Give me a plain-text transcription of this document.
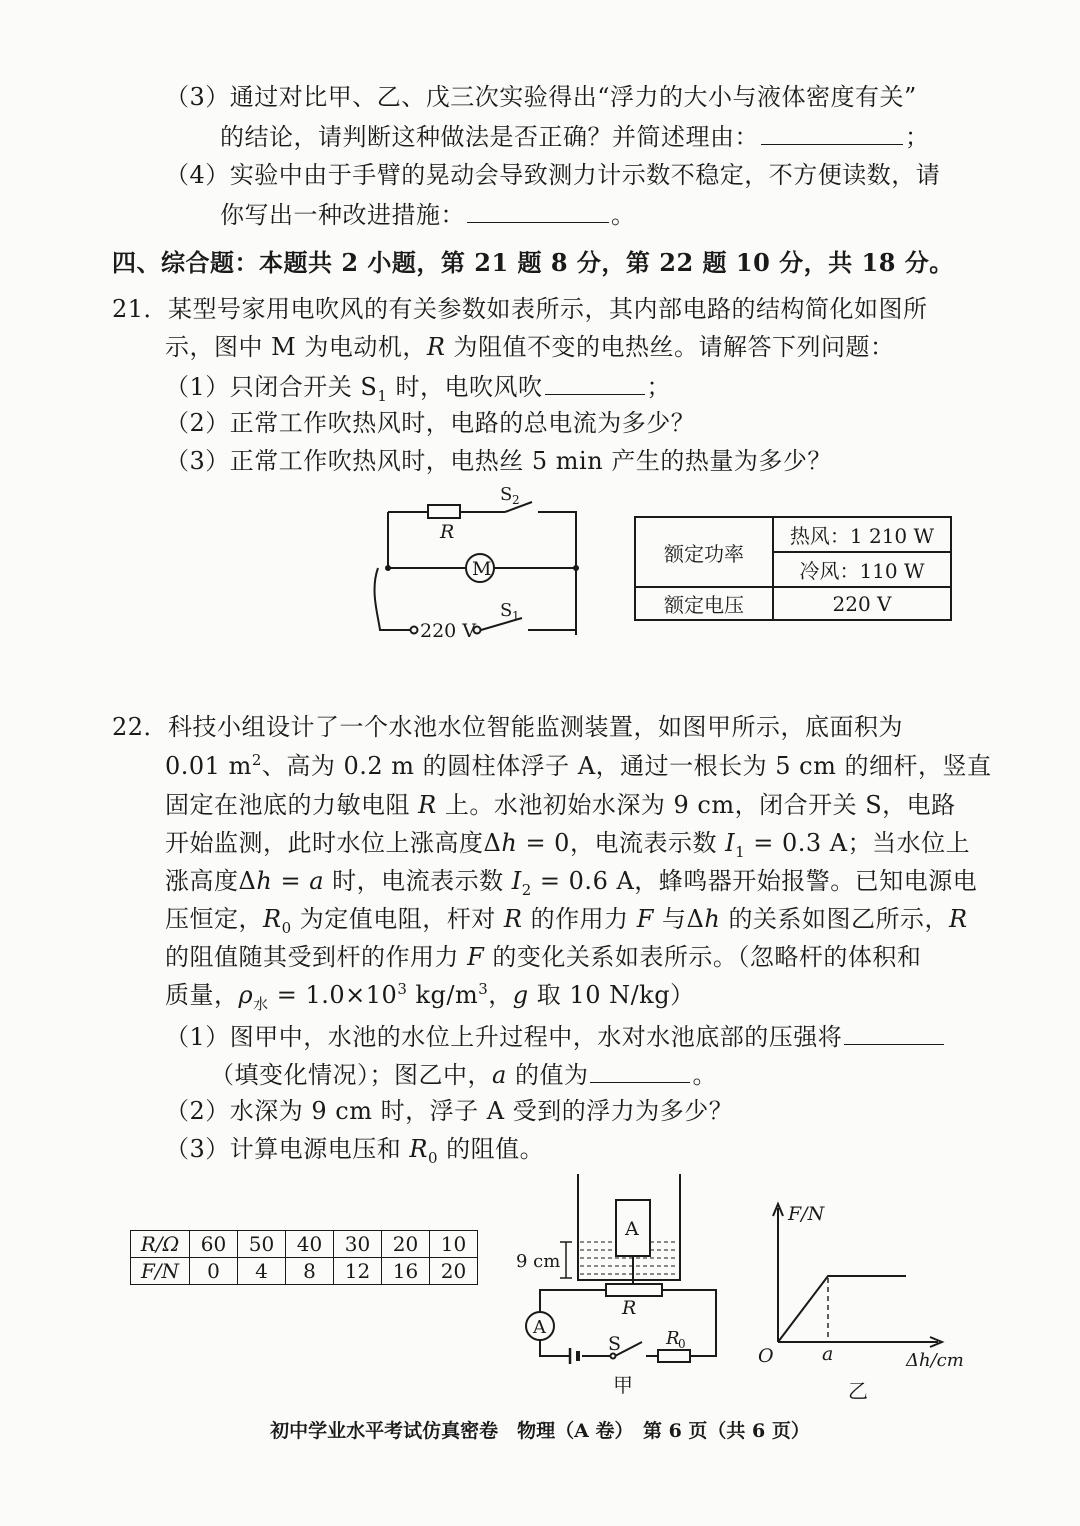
（3）通过对比甲、乙、戊三次实验得出“浮力的大小与液体密度有关”
的结论，请判断这种做法是否正确？并简述理由：	；
（4）实验中由于手臂的晃动会导致测力计示数不稳定，不方便读数，请
你写出一种改进措施：	。
四、综合题：本题共 2 小题，第 21 题 8 分，第 22 题 10 分，共 18 分。
21．某型号家用电吹风的有关参数如表所示，其内部电路的结构简化如图所
示，图中 M 为电动机，R 为阻值不变的电热丝。请解答下列问题：
（1）只闭合开关 $S_1$ 时，电吹风吹	；
（2）正常工作吹热风时，电路的总电流为多少？
（3）正常工作吹热风时，电热丝 5 min 产生的热量为多少？
S 2
R
M
220 V
S 1
额定功率	热风：1 210 W
	冷风：110 W
额定电压	220 V
22．科技小组设计了一个水池水位智能监测装置，如图甲所示，底面积为
0.01 $m^2$、高为 0.2 m 的圆柱体浮子 A，通过一根长为 5 cm 的细杆，竖直
固定在池底的力敏电阻 R 上。水池初始水深为 9 cm，闭合开关 S，电路
开始监测，此时水位上涨高度Δh = 0，电流表示数 $I_1 = 0.3$ A；当水位上
涨高度Δh = a 时，电流表示数 $I_2 = 0.6$ A，蜂鸣器开始报警。已知电源电
压恒定，$R_0$ 为定值电阻，杆对 R 的作用力 F 与Δh 的关系如图乙所示，R
的阻值随其受到杆的作用力 F 的变化关系如表所示。（忽略杆的体积和
质量，$\rho_水 = 1.0\times 10^3$ $kg/m^3$，g 取 10 N/kg）
（1）图甲中，水池的水位上升过程中，水对水池底部的压强将
（填变化情况）；图乙中，a 的值为	。
（2）水深为 9 cm 时，浮子 A 受到的浮力为多少？
（3）计算电源电压和 $R_0$ 的阻值。
R/Ω	60	50	40	30	20	10
F/N	0	4	8	12	16	20
A
9 cm
R
A
S R
0
甲
F/N
O	a	Δh/cm
乙
初中学业水平考试仿真密卷　物理（A 卷）　第 6 页（共 6 页）
